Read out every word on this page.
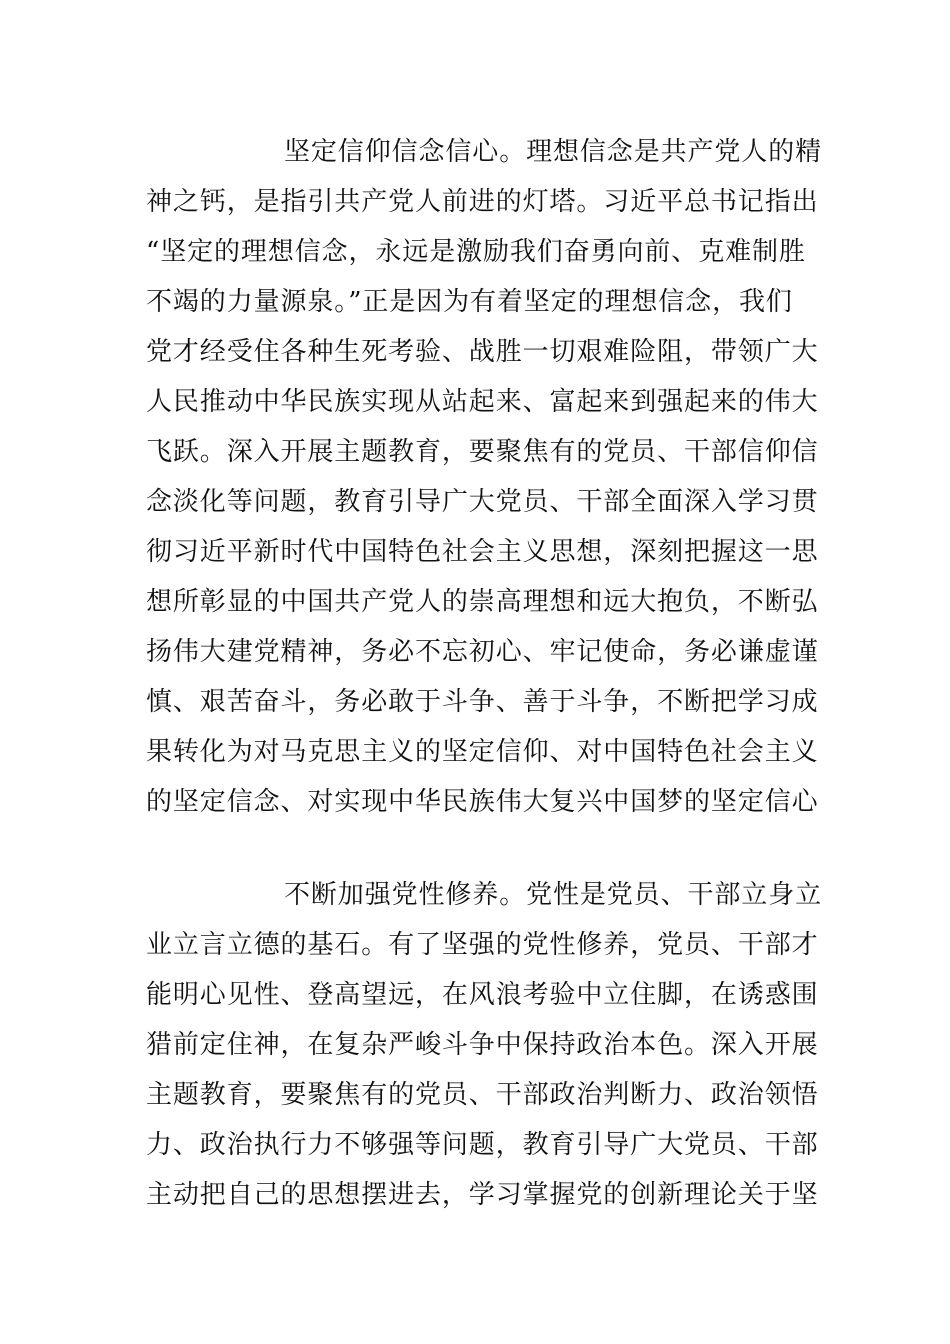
坚定信仰信念信心。理想信念是共产党人的精
神之钙，是指引共产党人前进的灯塔。习近平总书记指出
“坚定的理想信念，永远是激励我们奋勇向前、克难制胜
不竭的力量源泉。”正是因为有着坚定的理想信念，我们
党才经受住各种生死考验、战胜一切艰难险阻，带领广大
人民推动中华民族实现从站起来、富起来到强起来的伟大
飞跃。深入开展主题教育，要聚焦有的党员、干部信仰信
念淡化等问题，教育引导广大党员、干部全面深入学习贯
彻习近平新时代中国特色社会主义思想，深刻把握这一思
想所彰显的中国共产党人的崇高理想和远大抱负，不断弘
扬伟大建党精神，务必不忘初心、牢记使命，务必谦虚谨
慎、艰苦奋斗，务必敢于斗争、善于斗争，不断把学习成
果转化为对马克思主义的坚定信仰、对中国特色社会主义
的坚定信念、对实现中华民族伟大复兴中国梦的坚定信心
不断加强党性修养。党性是党员、干部立身立
业立言立德的基石。有了坚强的党性修养，党员、干部才
能明心见性、登高望远，在风浪考验中立住脚，在诱惑围
猎前定住神，在复杂严峻斗争中保持政治本色。深入开展
主题教育，要聚焦有的党员、干部政治判断力、政治领悟
力、政治执行力不够强等问题，教育引导广大党员、干部
主动把自己的思想摆进去，学习掌握党的创新理论关于坚
